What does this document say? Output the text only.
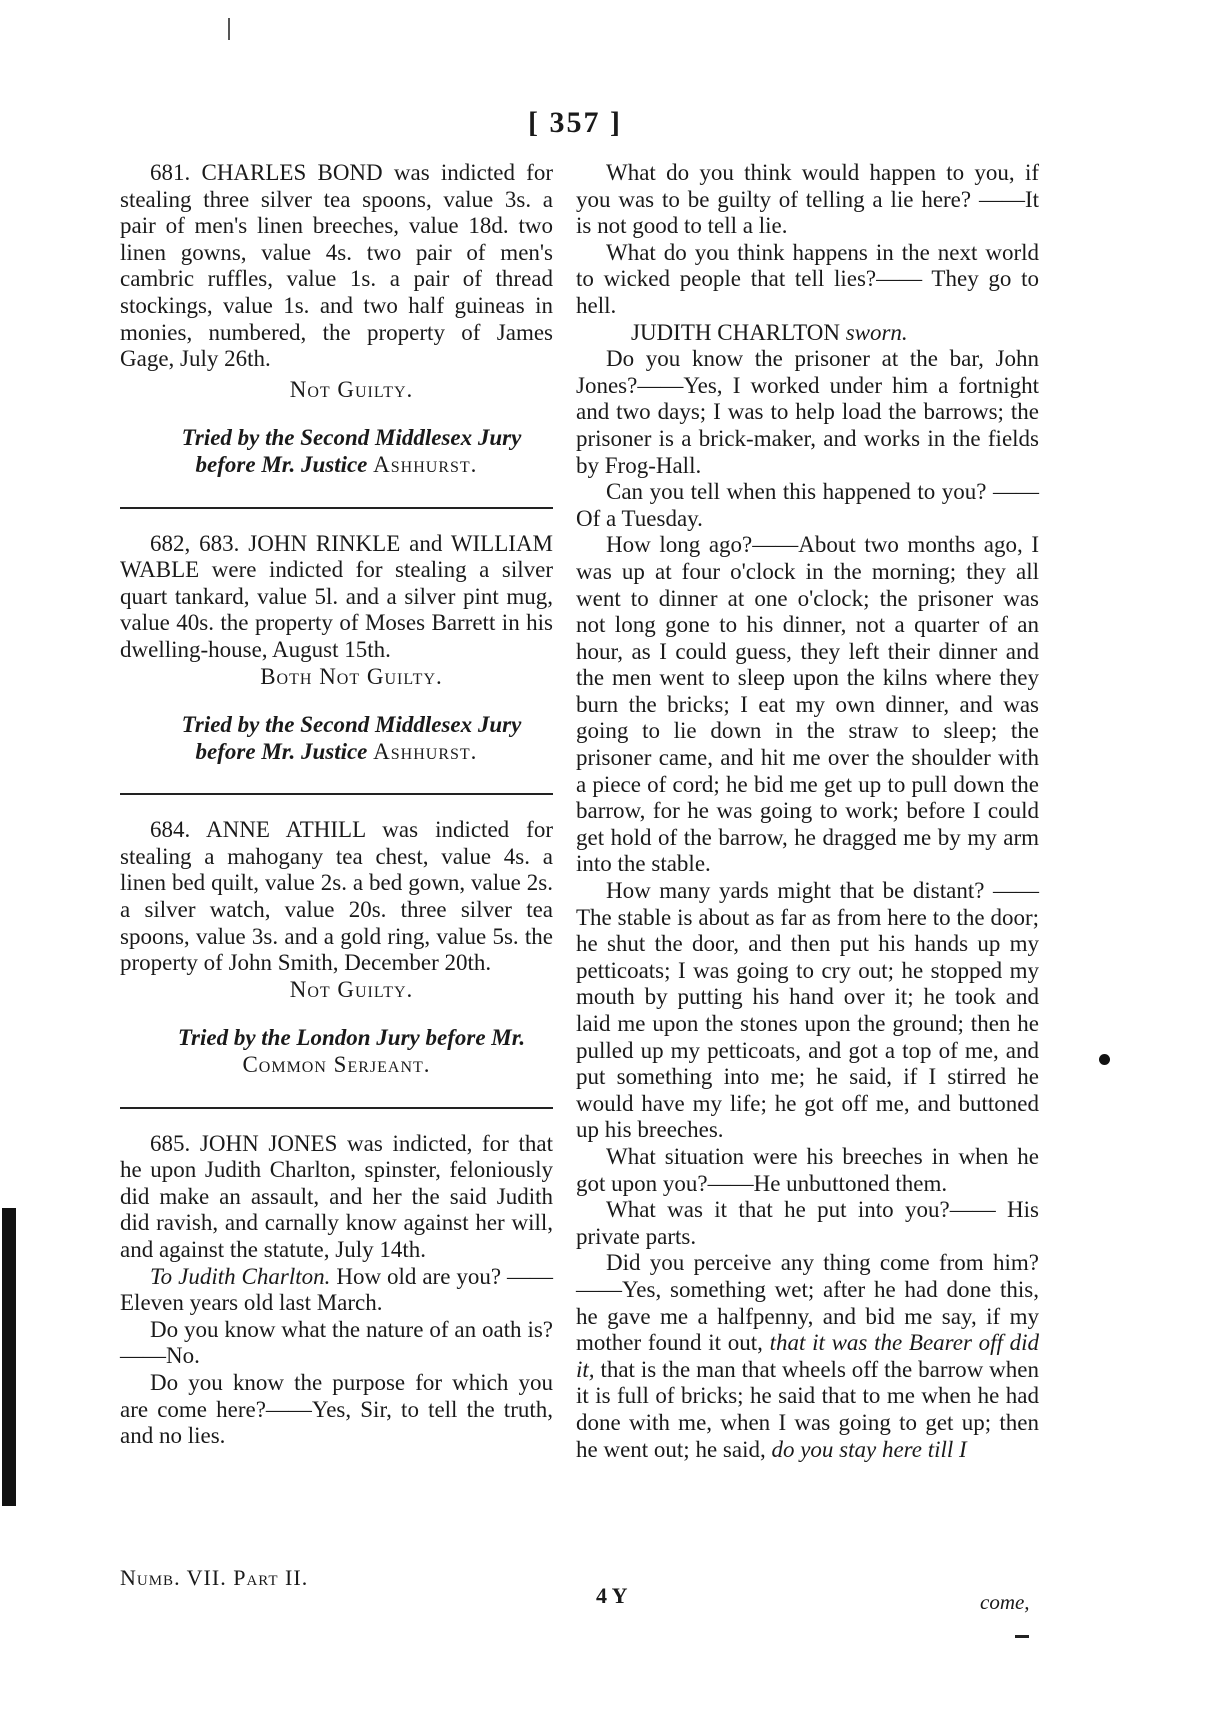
[ 357 ]

681. CHARLES BOND was indicted for stealing three silver tea spoons, value 3s. a pair of men's linen breeches, value 18d. two linen gowns, value 4s. two pair of men's cambric ruffles, value 1s. a pair of thread stockings, value 1s. and two half guineas in monies, numbered, the property of James Gage, July 26th.

Not Guilty.

Tried by the Second Middlesex Jury before Mr. Justice Ashhurst.

682, 683. JOHN RINKLE and WILLIAM WABLE were indicted for stealing a silver quart tankard, value 5l. and a silver pint mug, value 40s. the property of Moses Barrett in his dwelling-house, August 15th.

Both Not Guilty.

Tried by the Second Middlesex Jury before Mr. Justice Ashhurst.

684. ANNE ATHILL was indicted for stealing a mahogany tea chest, value 4s. a linen bed quilt, value 2s. a bed gown, value 2s. a silver watch, value 20s. three silver tea spoons, value 3s. and a gold ring, value 5s. the property of John Smith, December 20th.

Not Guilty.

Tried by the London Jury before Mr.
Common Serjeant.

685. JOHN JONES was indicted, for that he upon Judith Charlton, spinster, feloniously did make an assault, and her the said Judith did ravish, and carnally know against her will, and against the statute, July 14th.

To Judith Charlton. How old are you? ——Eleven years old last March.

Do you know what the nature of an oath is?——No.

Do you know the purpose for which you are come here?——Yes, Sir, to tell the truth, and no lies.

Numb. VII. Part II.

What do you think would happen to you, if you was to be guilty of telling a lie here? ——It is not good to tell a lie.

What do you think happens in the next world to wicked people that tell lies?—— They go to hell.

JUDITH CHARLTON sworn.

Do you know the prisoner at the bar, John Jones?——Yes, I worked under him a fortnight and two days; I was to help load the barrows; the prisoner is a brick-maker, and works in the fields by Frog-Hall.

Can you tell when this happened to you? ——Of a Tuesday.

How long ago?——About two months ago, I was up at four o'clock in the morning; they all went to dinner at one o'clock; the prisoner was not long gone to his dinner, not a quarter of an hour, as I could guess, they left their dinner and the men went to sleep upon the kilns where they burn the bricks; I eat my own dinner, and was going to lie down in the straw to sleep; the prisoner came, and hit me over the shoulder with a piece of cord; he bid me get up to pull down the barrow, for he was going to work; before I could get hold of the barrow, he dragged me by my arm into the stable.

How many yards might that be distant? ——The stable is about as far as from here to the door; he shut the door, and then put his hands up my petticoats; I was going to cry out; he stopped my mouth by putting his hand over it; he took and laid me upon the stones upon the ground; then he pulled up my petticoats, and got a top of me, and put something into me; he said, if I stirred he would have my life; he got off me, and buttoned up his breeches.

What situation were his breeches in when he got upon you?——He unbuttoned them.

What was it that he put into you?—— His private parts.

Did you perceive any thing come from him?——Yes, something wet; after he had done this, he gave me a halfpenny, and bid me say, if my mother found it out, that it was the Bearer off did it, that is the man that wheels off the barrow when it is full of bricks; he said that to me when he had done with me, when I was going to get up; then he went out; he said, do you stay here till I

4 Y	come,
